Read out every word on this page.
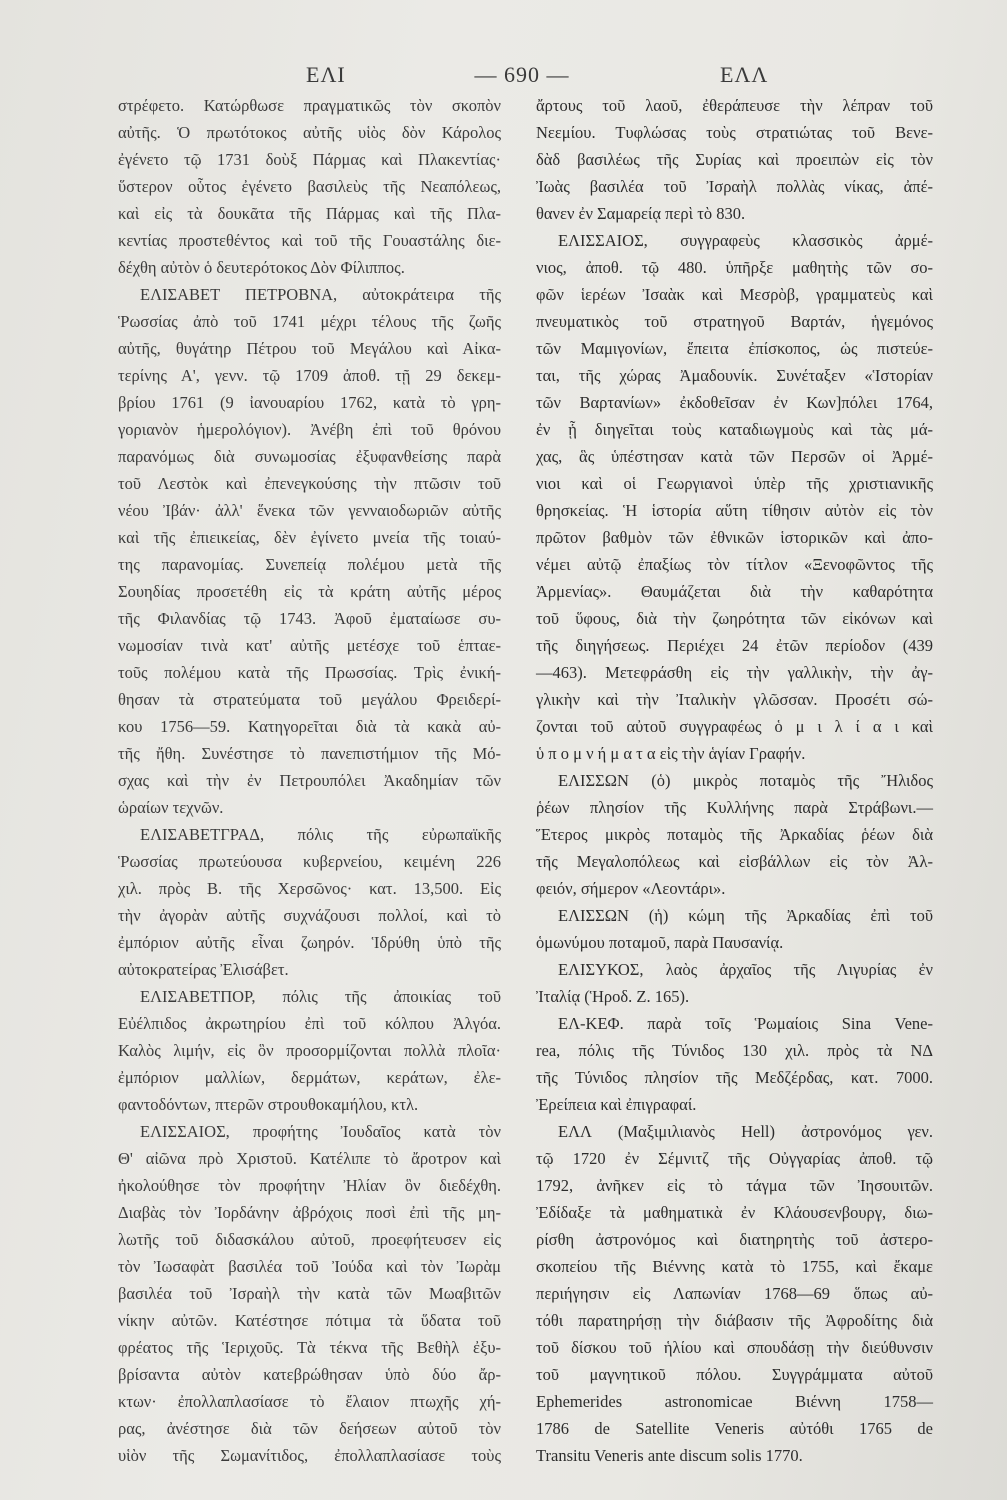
ΕΛΙ	— 690 —	ΕΛΛ
στρέφετο. Κατώρθωσε πραγματικῶς τὸν σκοπὸν
αὐτῆς. Ὁ πρωτότοκος αὐτῆς υἱὸς δὸν Κάρολος
ἐγένετο τῷ 1731 δοὺξ Πάρμας καὶ Πλακεντίας·
ὕστερον οὗτος ἐγένετο βασιλεὺς τῆς Νεαπόλεως,
καὶ εἰς τὰ δουκᾶτα τῆς Πάρμας καὶ τῆς Πλα-
κεντίας προστεθέντος καὶ τοῦ τῆς Γουαστάλης διε-
δέχθη αὐτὸν ὁ δευτερότοκος Δὸν Φίλιππος.
ΕΛΙΣΑΒΕΤ ΠΕΤΡΟΒΝΑ, αὐτοκράτειρα τῆς
Ῥωσσίας ἀπὸ τοῦ 1741 μέχρι τέλους τῆς ζωῆς
αὐτῆς, θυγάτηρ Πέτρου τοῦ Μεγάλου καὶ Αἰκα-
τερίνης Α', γενν. τῷ 1709 ἀποθ. τῇ 29 δεκεμ-
βρίου 1761 (9 ἰανουαρίου 1762, κατὰ τὸ γρη-
γοριανὸν ἡμερολόγιον). Ἀνέβη ἐπὶ τοῦ θρόνου
παρανόμως διὰ συνωμοσίας ἐξυφανθείσης παρὰ
τοῦ Λεστὸκ καὶ ἐπενεγκούσης τὴν πτῶσιν τοῦ
νέου Ἰβάν· ἀλλ' ἕνεκα τῶν γενναιοδωριῶν αὐτῆς
καὶ τῆς ἐπιεικείας, δὲν ἐγίνετο μνεία τῆς τοιαύ-
της παρανομίας. Συνεπείᾳ πολέμου μετὰ τῆς
Σουηδίας προσετέθη εἰς τὰ κράτη αὐτῆς μέρος
τῆς Φιλανδίας τῷ 1743. Ἀφοῦ ἐματαίωσε συ-
νωμοσίαν τινὰ κατ' αὐτῆς μετέσχε τοῦ ἑπταε-
τοῦς πολέμου κατὰ τῆς Πρωσσίας. Τρὶς ἐνική-
θησαν τὰ στρατεύματα τοῦ μεγάλου Φρειδερί-
κου 1756—59. Κατηγορεῖται διὰ τὰ κακὰ αὐ-
τῆς ἤθη. Συνέστησε τὸ πανεπιστήμιον τῆς Μό-
σχας καὶ τὴν ἐν Πετρουπόλει Ἀκαδημίαν τῶν
ὡραίων τεχνῶν.
ΕΛΙΣΑΒΕΤΓΡΑΔ, πόλις τῆς εὐρωπαϊκῆς
Ῥωσσίας πρωτεύουσα κυβερνείου, κειμένη 226
χιλ. πρὸς Β. τῆς Χερσῶνος· κατ. 13,500. Εἰς
τὴν ἀγορὰν αὐτῆς συχνάζουσι πολλοί, καὶ τὸ
ἐμπόριον αὐτῆς εἶναι ζωηρόν. Ἱδρύθη ὑπὸ τῆς
αὐτοκρατείρας Ἐλισάβετ.
ΕΛΙΣΑΒΕΤΠΟΡ, πόλις τῆς ἀποικίας τοῦ
Εὐέλπιδος ἀκρωτηρίου ἐπὶ τοῦ κόλπου Ἀλγόα.
Καλὸς λιμήν, εἰς ὃν προσορμίζονται πολλὰ πλοῖα·
ἐμπόριον μαλλίων, δερμάτων, κεράτων, ἐλε-
φαντοδόντων, πτερῶν στρουθοκαμήλου, κτλ.
ΕΛΙΣΣΑΙΟΣ, προφήτης Ἰουδαῖος κατὰ τὸν
Θ' αἰῶνα πρὸ Χριστοῦ. Κατέλιπε τὸ ἄροτρον καὶ
ἠκολούθησε τὸν προφήτην Ἠλίαν ὃν διεδέχθη.
Διαβὰς τὸν Ἰορδάνην ἀβρόχοις ποσὶ ἐπὶ τῆς μη-
λωτῆς τοῦ διδασκάλου αὐτοῦ, προεφήτευσεν εἰς
τὸν Ἰωσαφὰτ βασιλέα τοῦ Ἰούδα καὶ τὸν Ἰωρὰμ
βασιλέα τοῦ Ἰσραὴλ τὴν κατὰ τῶν Μωαβιτῶν
νίκην αὐτῶν. Κατέστησε πότιμα τὰ ὕδατα τοῦ
φρέατος τῆς Ἱεριχοῦς. Τὰ τέκνα τῆς Βεθὴλ ἐξυ-
βρίσαντα αὐτὸν κατεβρώθησαν ὑπὸ δύο ἄρ-
κτων· ἐπολλαπλασίασε τὸ ἔλαιον πτωχῆς χή-
ρας, ἀνέστησε διὰ τῶν δεήσεων αὐτοῦ τὸν
υἱὸν τῆς Σωμανίτιδος, ἐπολλαπλασίασε τοὺς
ἄρτους τοῦ λαοῦ, ἐθεράπευσε τὴν λέπραν τοῦ
Νεεμίου. Τυφλώσας τοὺς στρατιώτας τοῦ Βενε-
δὰδ βασιλέως τῆς Συρίας καὶ προειπὼν εἰς τὸν
Ἰωὰς βασιλέα τοῦ Ἰσραὴλ πολλὰς νίκας, ἀπέ-
θανεν ἐν Σαμαρείᾳ περὶ τὸ 830.
ΕΛΙΣΣΑΙΟΣ, συγγραφεὺς κλασσικὸς ἀρμέ-
νιος, ἀποθ. τῷ 480. ὑπῆρξε μαθητὴς τῶν σο-
φῶν ἱερέων Ἰσαὰκ καὶ Μεσρὸβ, γραμματεὺς καὶ
πνευματικὸς τοῦ στρατηγοῦ Βαρτάν, ἡγεμόνος
τῶν Μαμιγονίων, ἔπειτα ἐπίσκοπος, ὡς πιστεύε-
ται, τῆς χώρας Ἀμαδουνίκ. Συνέταξεν «Ἱστορίαν
τῶν Βαρτανίων» ἐκδοθεῖσαν ἐν Κων]πόλει 1764,
ἐν ᾗ διηγεῖται τοὺς καταδιωγμοὺς καὶ τὰς μά-
χας, ἃς ὑπέστησαν κατὰ τῶν Περσῶν οἱ Ἀρμέ-
νιοι καὶ οἱ Γεωργιανοὶ ὑπὲρ τῆς χριστιανικῆς
θρησκείας. Ἡ ἱστορία αὕτη τίθησιν αὐτὸν εἰς τὸν
πρῶτον βαθμὸν τῶν ἐθνικῶν ἱστορικῶν καὶ ἀπο-
νέμει αὐτῷ ἐπαξίως τὸν τίτλον «Ξενοφῶντος τῆς
Ἀρμενίας». Θαυμάζεται διὰ τὴν καθαρότητα
τοῦ ὕφους, διὰ τὴν ζωηρότητα τῶν εἰκόνων καὶ
τῆς διηγήσεως. Περιέχει 24 ἐτῶν περίοδον (439
—463). Μετεφράσθη εἰς τὴν γαλλικὴν, τὴν ἀγ-
γλικὴν καὶ τὴν Ἰταλικὴν γλῶσσαν. Προσέτι σώ-
ζονται τοῦ αὐτοῦ συγγραφέως ὁ μ ι λ ί α ι καὶ
ὑ π ο μ ν ή μ α τ α εἰς τὴν ἁγίαν Γραφήν.
ΕΛΙΣΣΩΝ (ὁ) μικρὸς ποταμὸς τῆς Ἤλιδος
ῥέων πλησίον τῆς Κυλλήνης παρὰ Στράβωνι.—
Ἕτερος μικρὸς ποταμὸς τῆς Ἀρκαδίας ῥέων διὰ
τῆς Μεγαλοπόλεως καὶ εἰσβάλλων εἰς τὸν Ἀλ-
φειόν, σήμερον «Λεοντάρι».
ΕΛΙΣΣΩΝ (ἡ) κώμη τῆς Ἀρκαδίας ἐπὶ τοῦ
ὁμωνύμου ποταμοῦ, παρὰ Παυσανίᾳ.
ΕΛΙΣΥΚΟΣ, λαὸς ἀρχαῖος τῆς Λιγυρίας ἐν
Ἰταλίᾳ (Ἡροδ. Ζ. 165).
ΕΛ-ΚΕΦ. παρὰ τοῖς Ῥωμαίοις Sina Vene-
rea, πόλις τῆς Τύνιδος 130 χιλ. πρὸς τὰ ΝΔ
τῆς Τύνιδος πλησίον τῆς Μεδζέρδας, κατ. 7000.
Ἐρείπεια καὶ ἐπιγραφαί.
ΕΛΛ (Μαξιμιλιανὸς Hell) ἀστρονόμος γεν.
τῷ 1720 ἐν Σέμνιτζ τῆς Οὐγγαρίας ἀποθ. τῷ
1792, ἀνῆκεν εἰς τὸ τάγμα τῶν Ἰησουιτῶν.
Ἐδίδαξε τὰ μαθηματικὰ ἐν Κλάουσενβουργ, διω-
ρίσθη ἀστρονόμος καὶ διατηρητὴς τοῦ ἀστερο-
σκοπείου τῆς Βιέννης κατὰ τὸ 1755, καὶ ἔκαμε
περιήγησιν εἰς Λαπωνίαν 1768—69 ὅπως αὐ-
τόθι παρατηρήσῃ τὴν διάβασιν τῆς Ἀφροδίτης διὰ
τοῦ δίσκου τοῦ ἡλίου καὶ σπουδάσῃ τὴν διεύθυνσιν
τοῦ μαγνητικοῦ πόλου. Συγγράμματα αὐτοῦ
Ephemerides astronomicae Βιέννη 1758—
1786 de Satellite Veneris αὐτόθι 1765 de
Transitu Veneris ante discum solis 1770.
